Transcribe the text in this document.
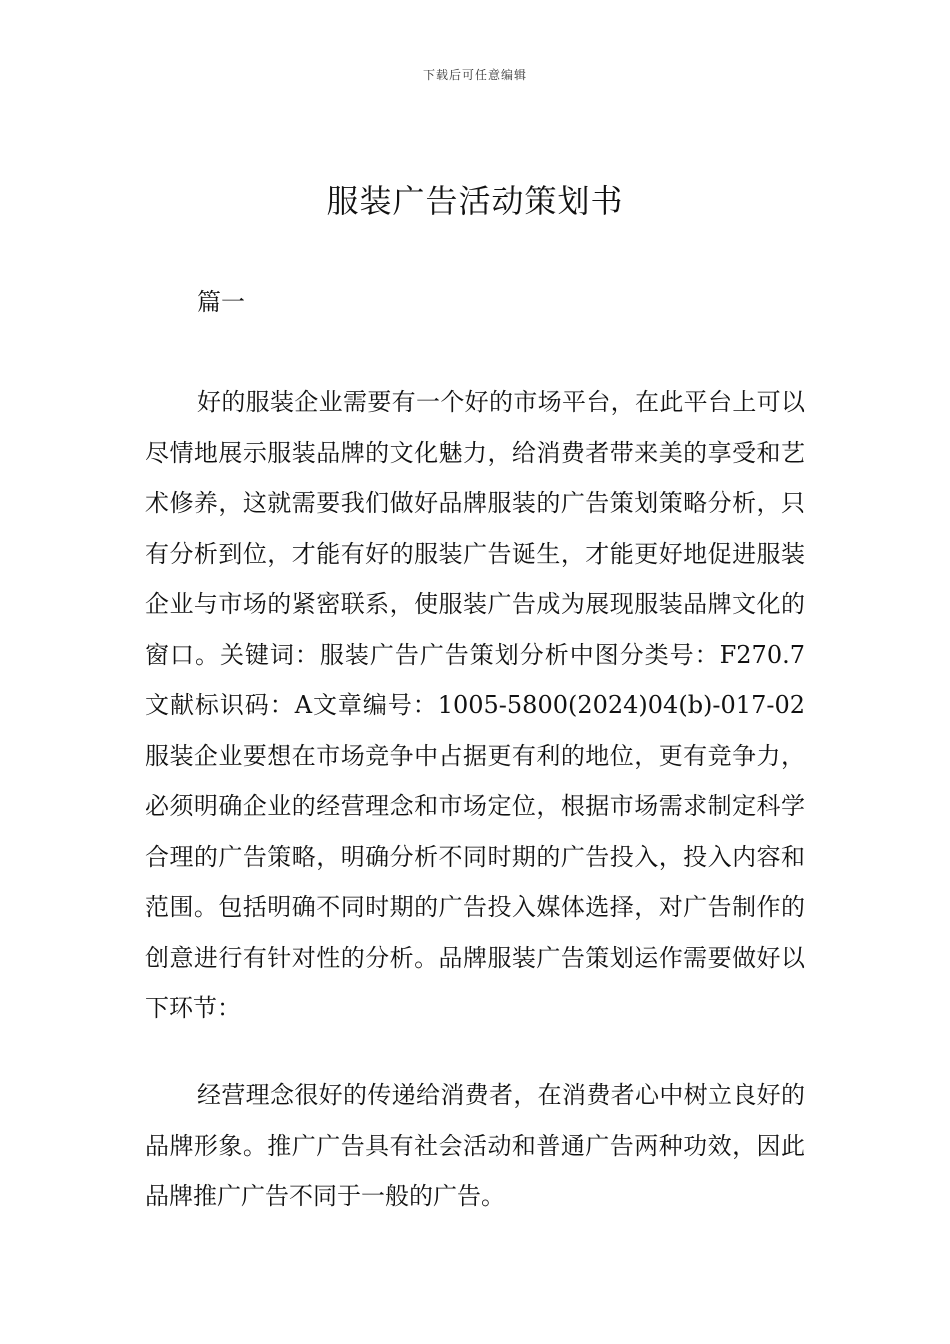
下载后可任意编辑
服装广告活动策划书
篇一

好的服装企业需要有一个好的市场平台，在此平台上可以尽情地展示服装品牌的文化魅力，给消费者带来美的享受和艺术修养，这就需要我们做好品牌服装的广告策划策略分析，只有分析到位，才能有好的服装广告诞生，才能更好地促进服装企业与市场的紧密联系，使服装广告成为展现服装品牌文化的窗口。关键词：服装广告广告策划分析中图分类号：F270.7文献标识码：A文章编号：1005-5800(2024)04(b)-017-02服装企业要想在市场竞争中占据更有利的地位，更有竞争力，必须明确企业的经营理念和市场定位，根据市场需求制定科学合理的广告策略，明确分析不同时期的广告投入，投入内容和范围。包括明确不同时期的广告投入媒体选择，对广告制作的创意进行有针对性的分析。品牌服装广告策划运作需要做好以下环节：

经营理念很好的传递给消费者，在消费者心中树立良好的品牌形象。推广广告具有社会活动和普通广告两种功效，因此品牌推广广告不同于一般的广告。
